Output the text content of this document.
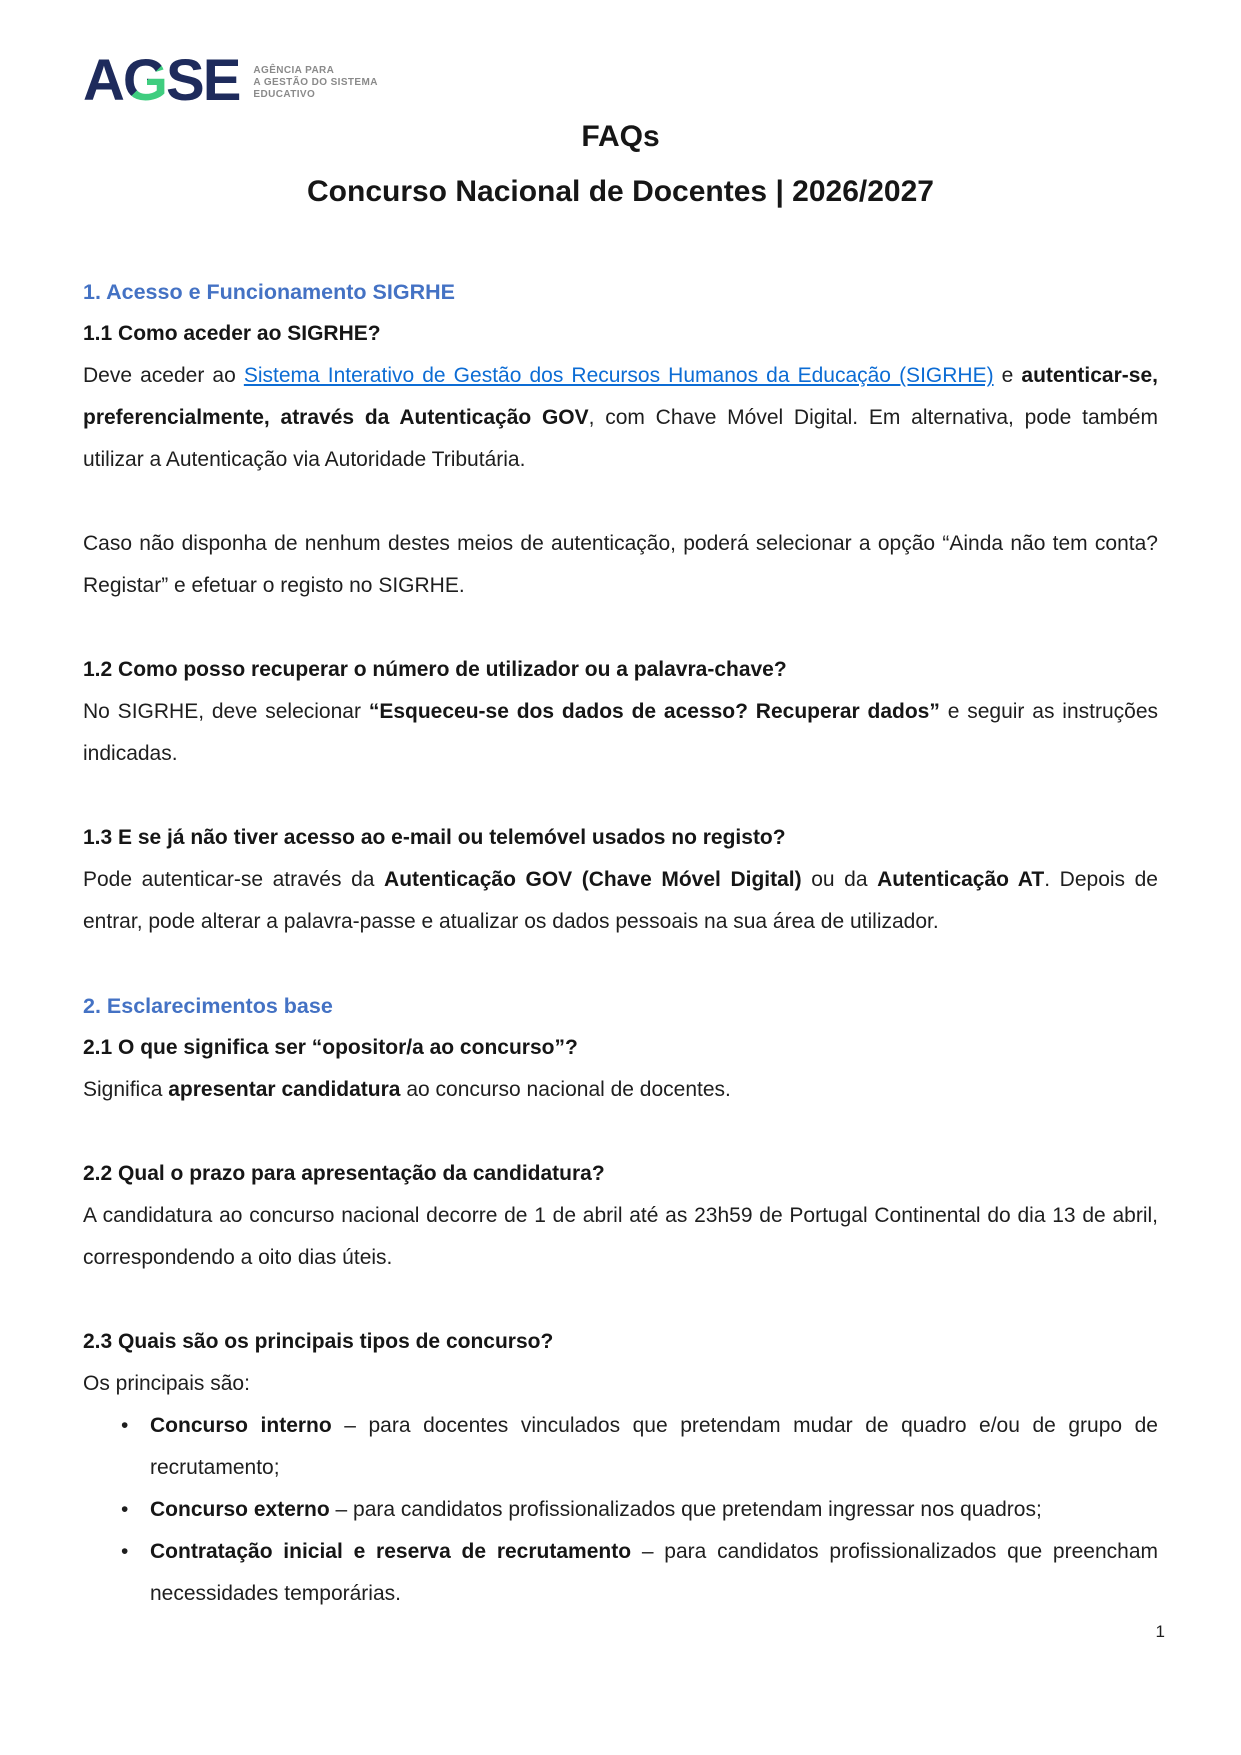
AGSE AGÊNCIA PARA
A GESTÃO DO SISTEMA
EDUCATIVO
FAQs
Concurso Nacional de Docentes | 2026/2027
1. Acesso e Funcionamento SIGRHE
1.1 Como aceder ao SIGRHE?

Deve aceder ao Sistema Interativo de Gestão dos Recursos Humanos da Educação (SIGRHE) e autenticar-se, preferencialmente, através da Autenticação GOV, com Chave Móvel Digital. Em alternativa, pode também utilizar a Autenticação via Autoridade Tributária.

Caso não disponha de nenhum destes meios de autenticação, poderá selecionar a opção “Ainda não tem conta? Registar” e efetuar o registo no SIGRHE.

1.2 Como posso recuperar o número de utilizador ou a palavra-chave?

No SIGRHE, deve selecionar “Esqueceu-se dos dados de acesso? Recuperar dados” e seguir as instruções indicadas.

1.3 E se já não tiver acesso ao e-mail ou telemóvel usados no registo?

Pode autenticar-se através da Autenticação GOV (Chave Móvel Digital) ou da Autenticação AT. Depois de entrar, pode alterar a palavra-passe e atualizar os dados pessoais na sua área de utilizador.

2. Esclarecimentos base
2.1 O que significa ser “opositor/a ao concurso”?

Significa apresentar candidatura ao concurso nacional de docentes.

2.2 Qual o prazo para apresentação da candidatura?

A candidatura ao concurso nacional decorre de 1 de abril até as 23h59 de Portugal Continental do dia 13 de abril, correspondendo a oito dias úteis.

2.3 Quais são os principais tipos de concurso?

Os principais são:

• Concurso interno – para docentes vinculados que pretendam mudar de quadro e/ou de grupo de recrutamento;
• Concurso externo – para candidatos profissionalizados que pretendam ingressar nos quadros;
• Contratação inicial e reserva de recrutamento – para candidatos profissionalizados que preencham necessidades temporárias.
1
